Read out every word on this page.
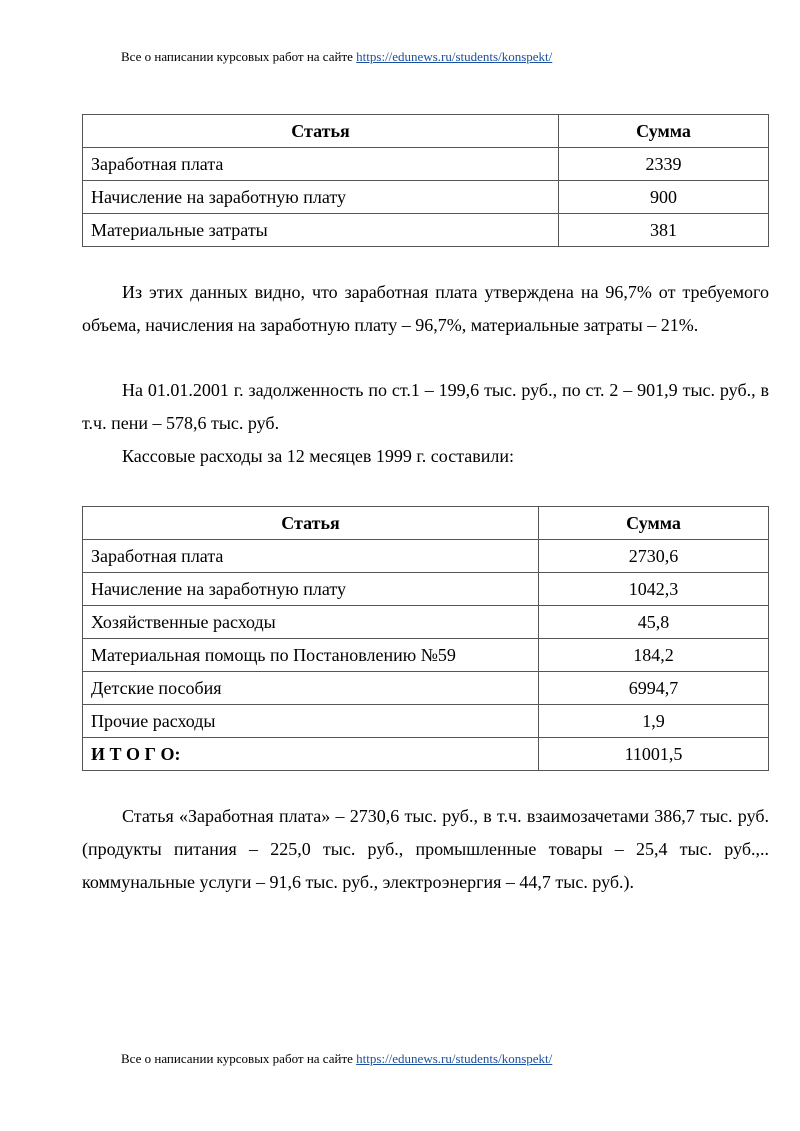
Все о написании курсовых работ на сайте https://edunews.ru/students/konspekt/
Статья	Сумма
Заработная плата	2339
Начисление на заработную плату	900
Материальные затраты	381

Из этих данных видно, что заработная плата утверждена на 96,7% от требуемого объема, начисления на заработную плату – 96,7%, материальные затраты – 21%.

На 01.01.2001 г. задолженность по ст.1 – 199,6 тыс. руб., по ст. 2 – 901,9 тыс. руб., в т.ч. пени – 578,6 тыс. руб.

Кассовые расходы за 12 месяцев 1999 г. составили:

Статья	Сумма
Заработная плата	2730,6
Начисление на заработную плату	1042,3
Хозяйственные расходы	45,8
Материальная помощь по Постановлению №59	184,2
Детские пособия	6994,7
Прочие расходы	1,9
И Т О Г О:	11001,5

Статья «Заработная плата» – 2730,6 тыс. руб., в т.ч. взаимозачетами 386,7 тыс. руб. (продукты питания – 225,0 тыс. руб., промышленные товары – 25,4 тыс. руб.,.. коммунальные услуги – 91,6 тыс. руб., электроэнергия – 44,7 тыс. руб.).

Все о написании курсовых работ на сайте https://edunews.ru/students/konspekt/
